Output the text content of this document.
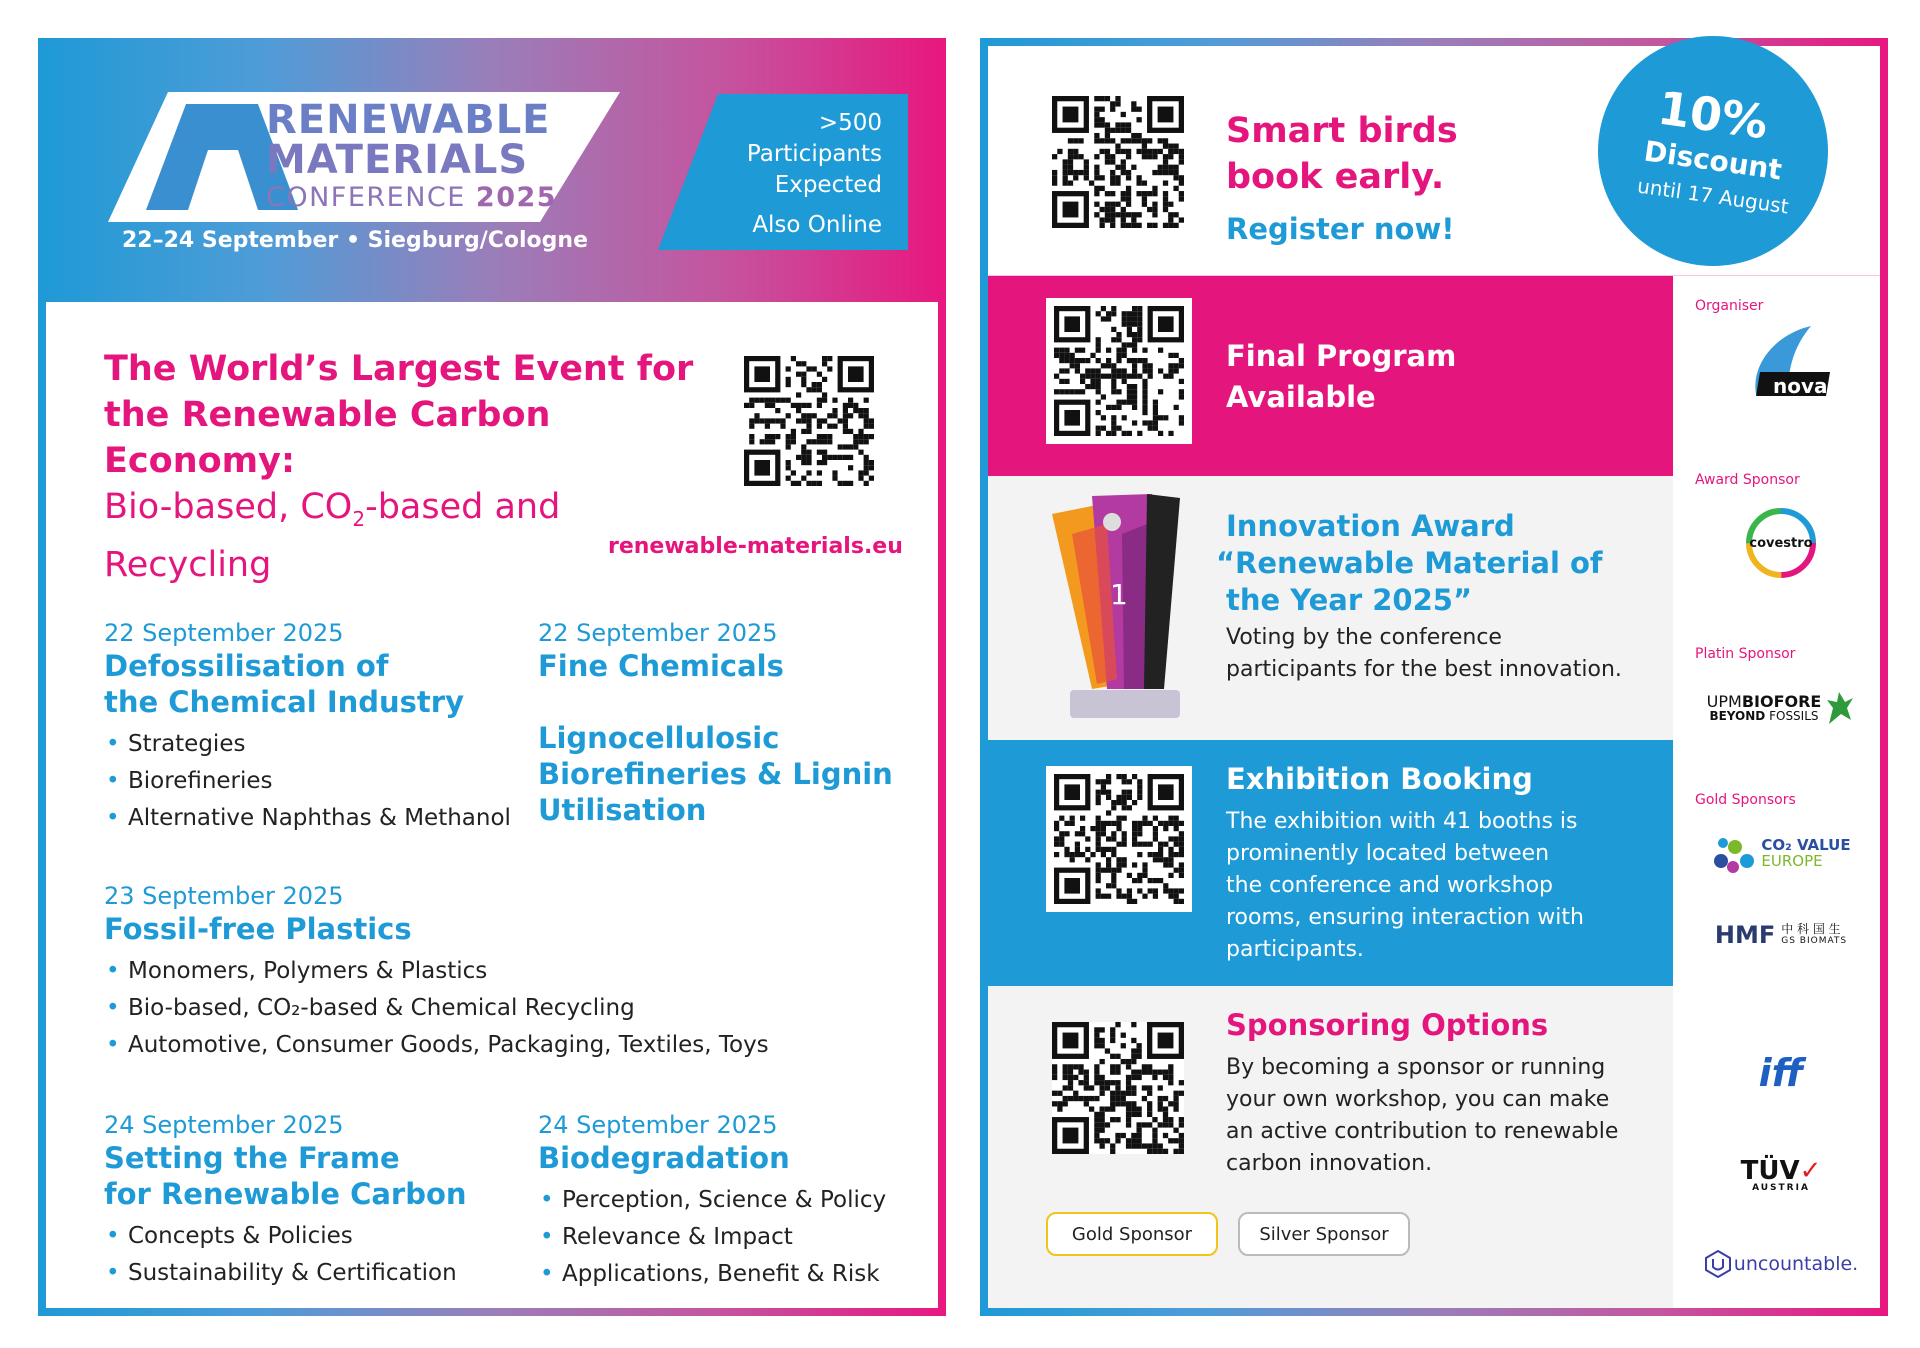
RENEWABLE
MATERIALS
CONFERENCE 2025
22–24 September • Siegburg/Cologne
>500
Participants
Expected
Also Online
The World’s Largest Event for
the Renewable Carbon Economy:
Bio-based, $CO_2$-based and
Recycling	renewable-materials.eu
22 September 2025
Defossilisation of
the Chemical Industry
• Strategies
• Biorefineries
• Alternative Naphthas & Methanol
22 September 2025
Fine Chemicals
Lignocellulosic
Biorefineries & Lignin
Utilisation
23 September 2025
Fossil-free Plastics
• Monomers, Polymers & Plastics
• Bio-based, CO₂-based & Chemical Recycling
• Automotive, Consumer Goods, Packaging, Textiles, Toys
24 September 2025
Setting the Frame
for Renewable Carbon
• Concepts & Policies
• Sustainability & Certification
24 September 2025
Biodegradation
• Perception, Science & Policy
• Relevance & Impact
• Applications, Benefit & Risk
Smart birds
book early.
Register now!
10%
Discount
until 17 August
Final Program
Available
1
Innovation Award
“Renewable Material of
the Year 2025”
Voting by the conference
participants for the best innovation.
Exhibition Booking
The exhibition with 41 booths is
prominently located between
the conference and workshop
rooms, ensuring interaction with
participants.
Sponsoring Options
By becoming a sponsor or running
your own workshop, you can make
an active contribution to renewable
carbon innovation.
Gold Sponsor	Silver Sponsor
Organiser
nova
Award Sponsor
covestro
Platin Sponsor
UPMBIOFORE
BEYOND FOSSILS
Gold Sponsors
CO₂ VALUE
EUROPE
HMF 中 科 国 生
GS BIOMATS
iff
TÜV✓
AUSTRIA
uncountable.
